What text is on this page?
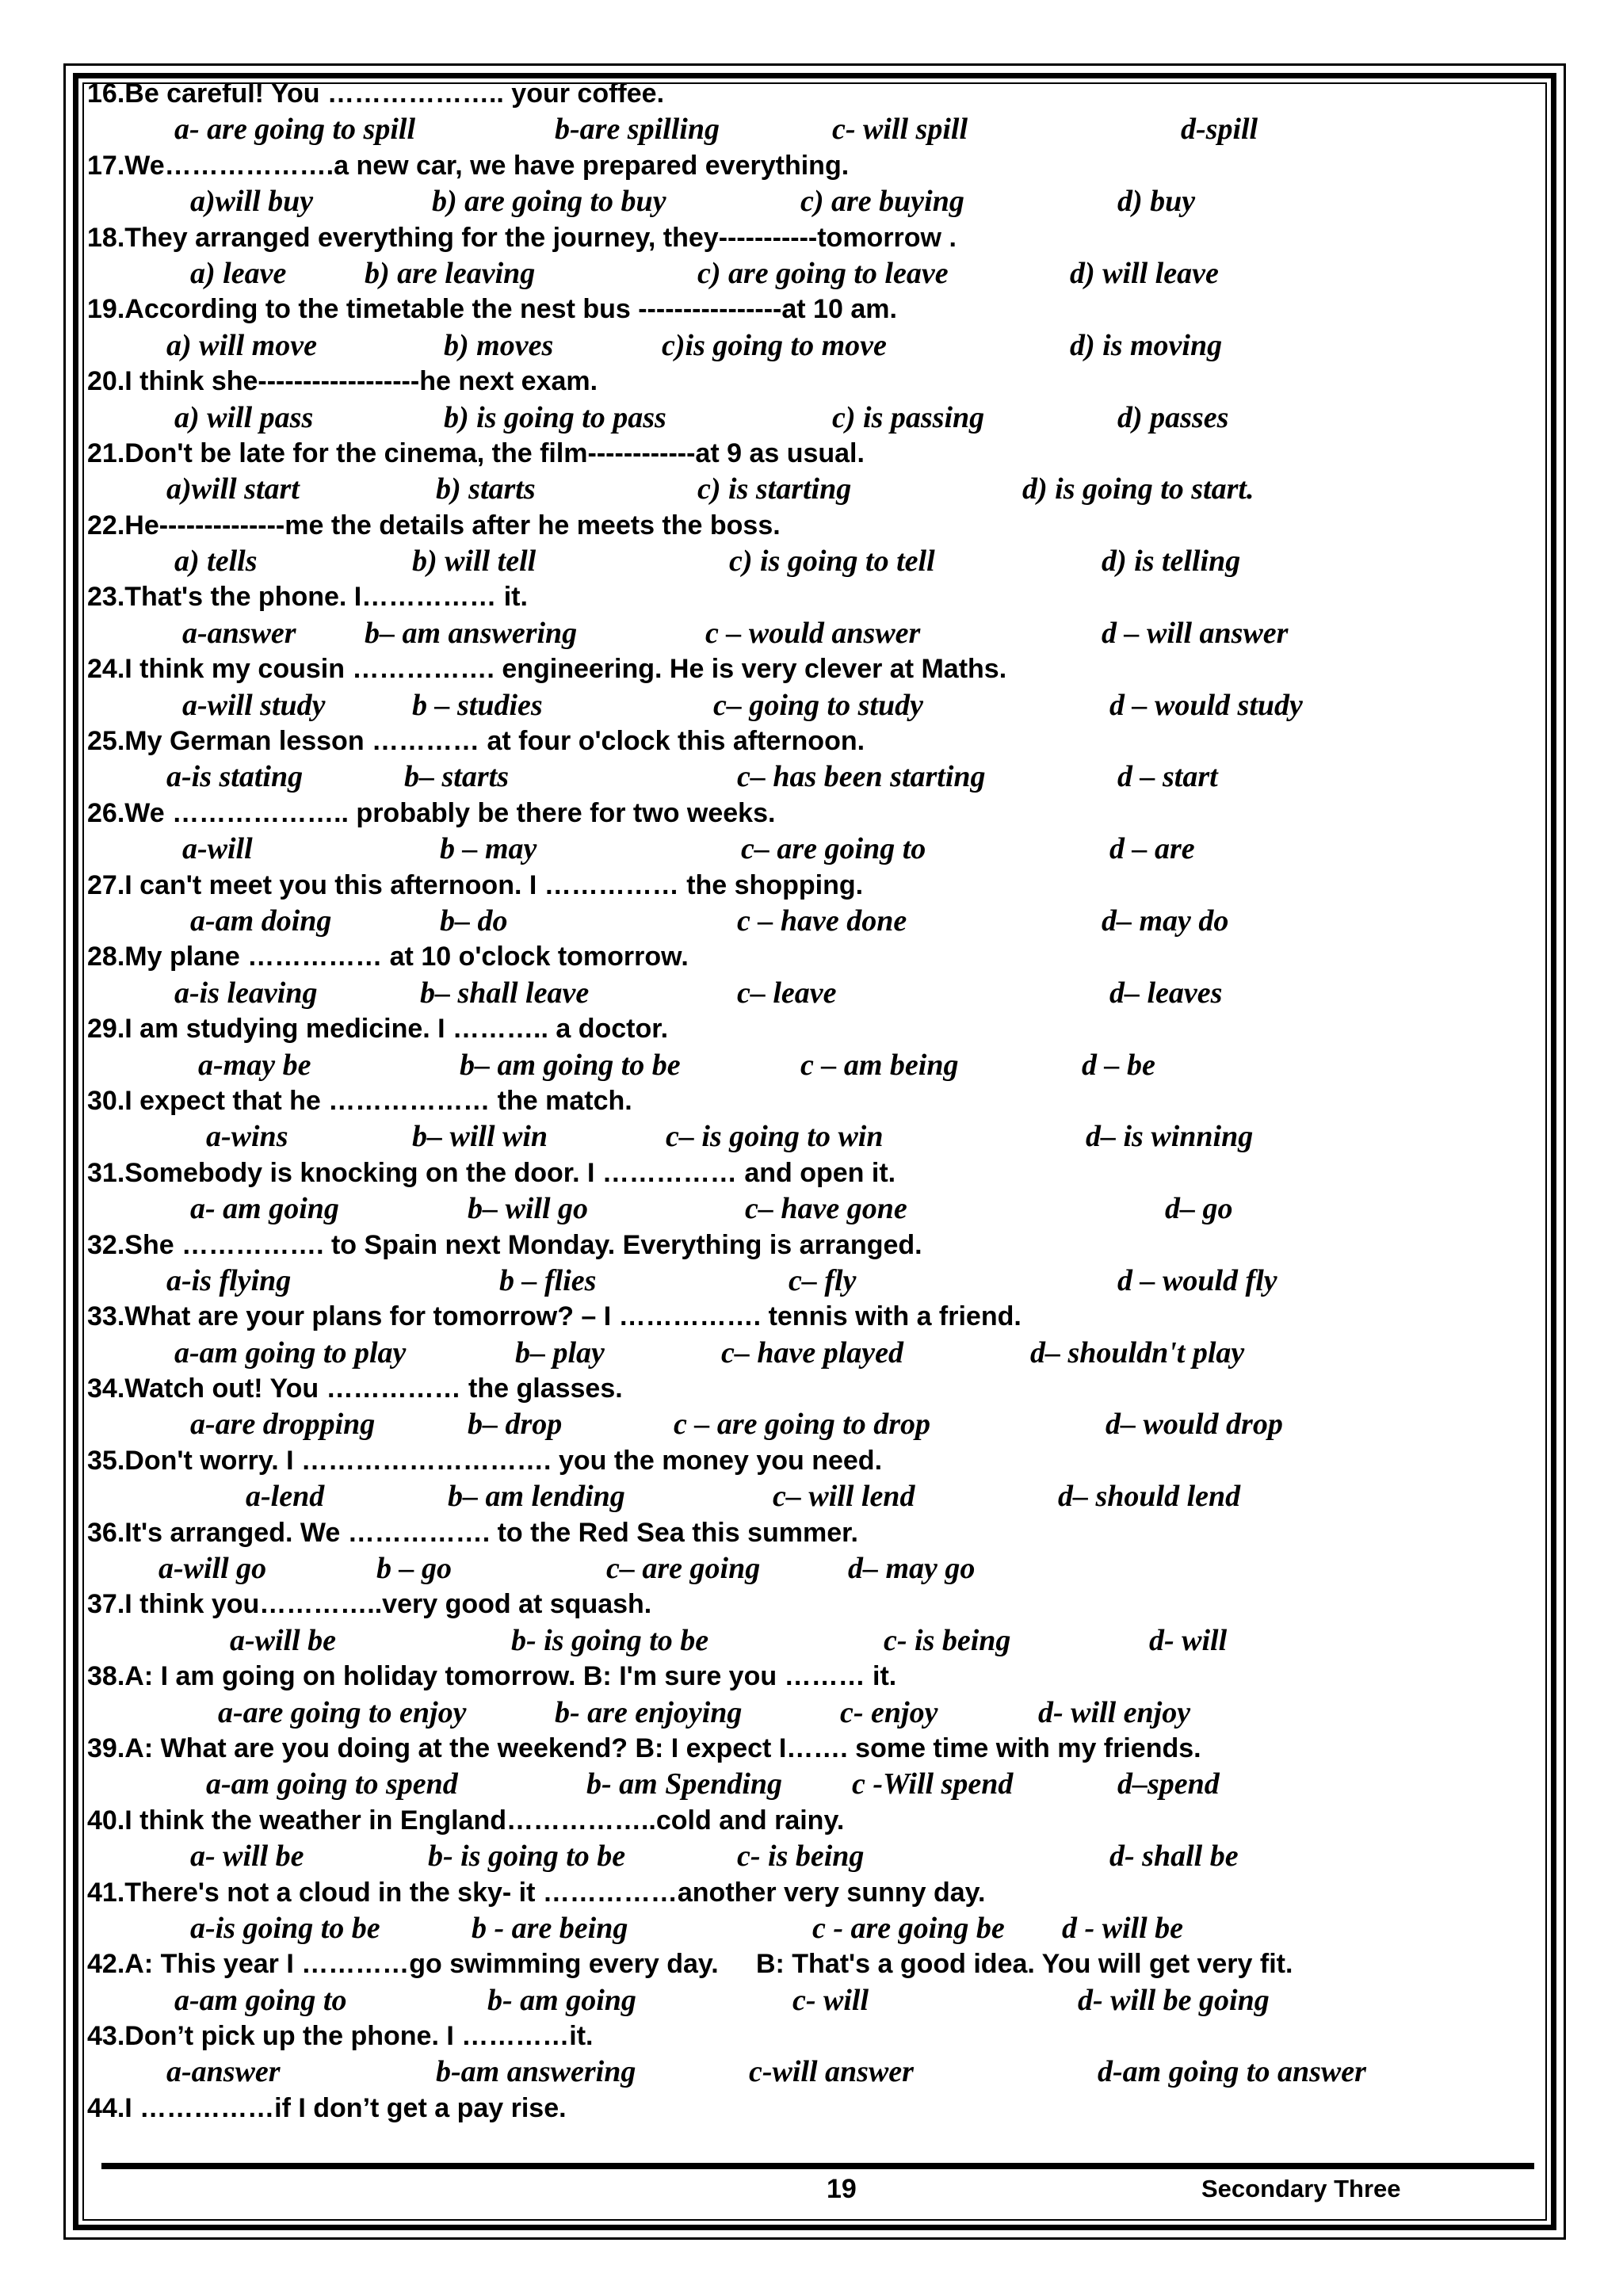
16.Be careful! You ……………….. your coffee.
a- are going to spill	b-are spilling	c- will spill	d-spill
17.We……………….a new car, we have prepared everything.
a)will buy	b) are going to buy	c) are buying	d) buy
18.They arranged everything for the journey, they-----------tomorrow .
a) leave	b) are leaving	c) are going to leave	d) will leave
19.According to the timetable the nest bus ----------------at 10 am.
a) will move	b) moves	c)is going to move	d) is moving
20.I think she------------------he next exam.
a) will pass	b) is going to pass	c) is passing	d) passes
21.Don't be late for the cinema, the film------------at 9 as usual.
a)will start	b) starts	c) is starting	d) is going to start.
22.He--------------me the details after he meets the boss.
a) tells	b) will tell	c) is going to tell	d) is telling
23.That's the phone. I…………… it.
a-answer b– am answering	c – would answer	d – will answer
24.I think my cousin ……………. engineering. He is very clever at Maths.
a-will study	b – studies	c– going to study	d – would study
25.My German lesson ………… at four o'clock this afternoon.
a-is stating	b– starts	c– has been starting	d – start
26.We ……………….. probably be there for two weeks.
a-will	b – may	c– are going to	d – are
27.I can't meet you this afternoon. I …………… the shopping.
a-am doing	b– do	c – have done	d– may do
28.My plane …………… at 10 o'clock tomorrow.
a-is leaving	b– shall leave	c– leave	d– leaves
29.I am studying medicine. I ……….. a doctor.
a-may be	b– am going to be	c – am being	d – be
30.I expect that he ……………… the match.
a-wins	b– will win	c– is going to win	d– is winning
31.Somebody is knocking on the door. I …………… and open it.
a- am going	b– will go	c– have gone	d– go
32.She ……………. to Spain next Monday. Everything is arranged.
a-is flying	b – flies	c– fly	d – would fly
33.What are your plans for tomorrow? – I ……………. tennis with a friend.
a-am going to play	b– play	c– have played	d– shouldn't play
34.Watch out! You …………… the glasses.
a-are dropping	b– drop	c – are going to drop	d– would drop
35.Don't worry. I ………………………. you the money you need.
a-lend	b– am lending	c– will lend	d– should lend
36.It's arranged. We ……………. to the Red Sea this summer.
a-will go	b – go	c– are going	d– may go
37.I think you…………..very good at squash.
a-will be	b- is going to be	c- is being	d- will
38.A: I am going on holiday tomorrow. B: I'm sure you ……… it.
a-are going to enjoy	b- are enjoying	c- enjoy	d- will enjoy
39.A: What are you doing at the weekend? B: I expect I……. some time with my friends.
a-am going to spend	b- am Spending c -Will spend	d–spend
40.I think the weather in England……………..cold and rainy.
a- will be	b- is going to be	c- is being	d- shall be
41.There's not a cloud in the sky- it ……………another very sunny day.
a-is going to be	b - are being	c - are going be d - will be
42.A: This year I …………go swimming every day.     B: That's a good idea. You will get very fit.
a-am going to	b- am going	c- will	d- will be going
43.Don’t pick up the phone. I …………it.
a-answer	b-am answering	c-will answer	d-am going to answer
44.I ……………if I don’t get a pay rise.
19	Secondary Three
